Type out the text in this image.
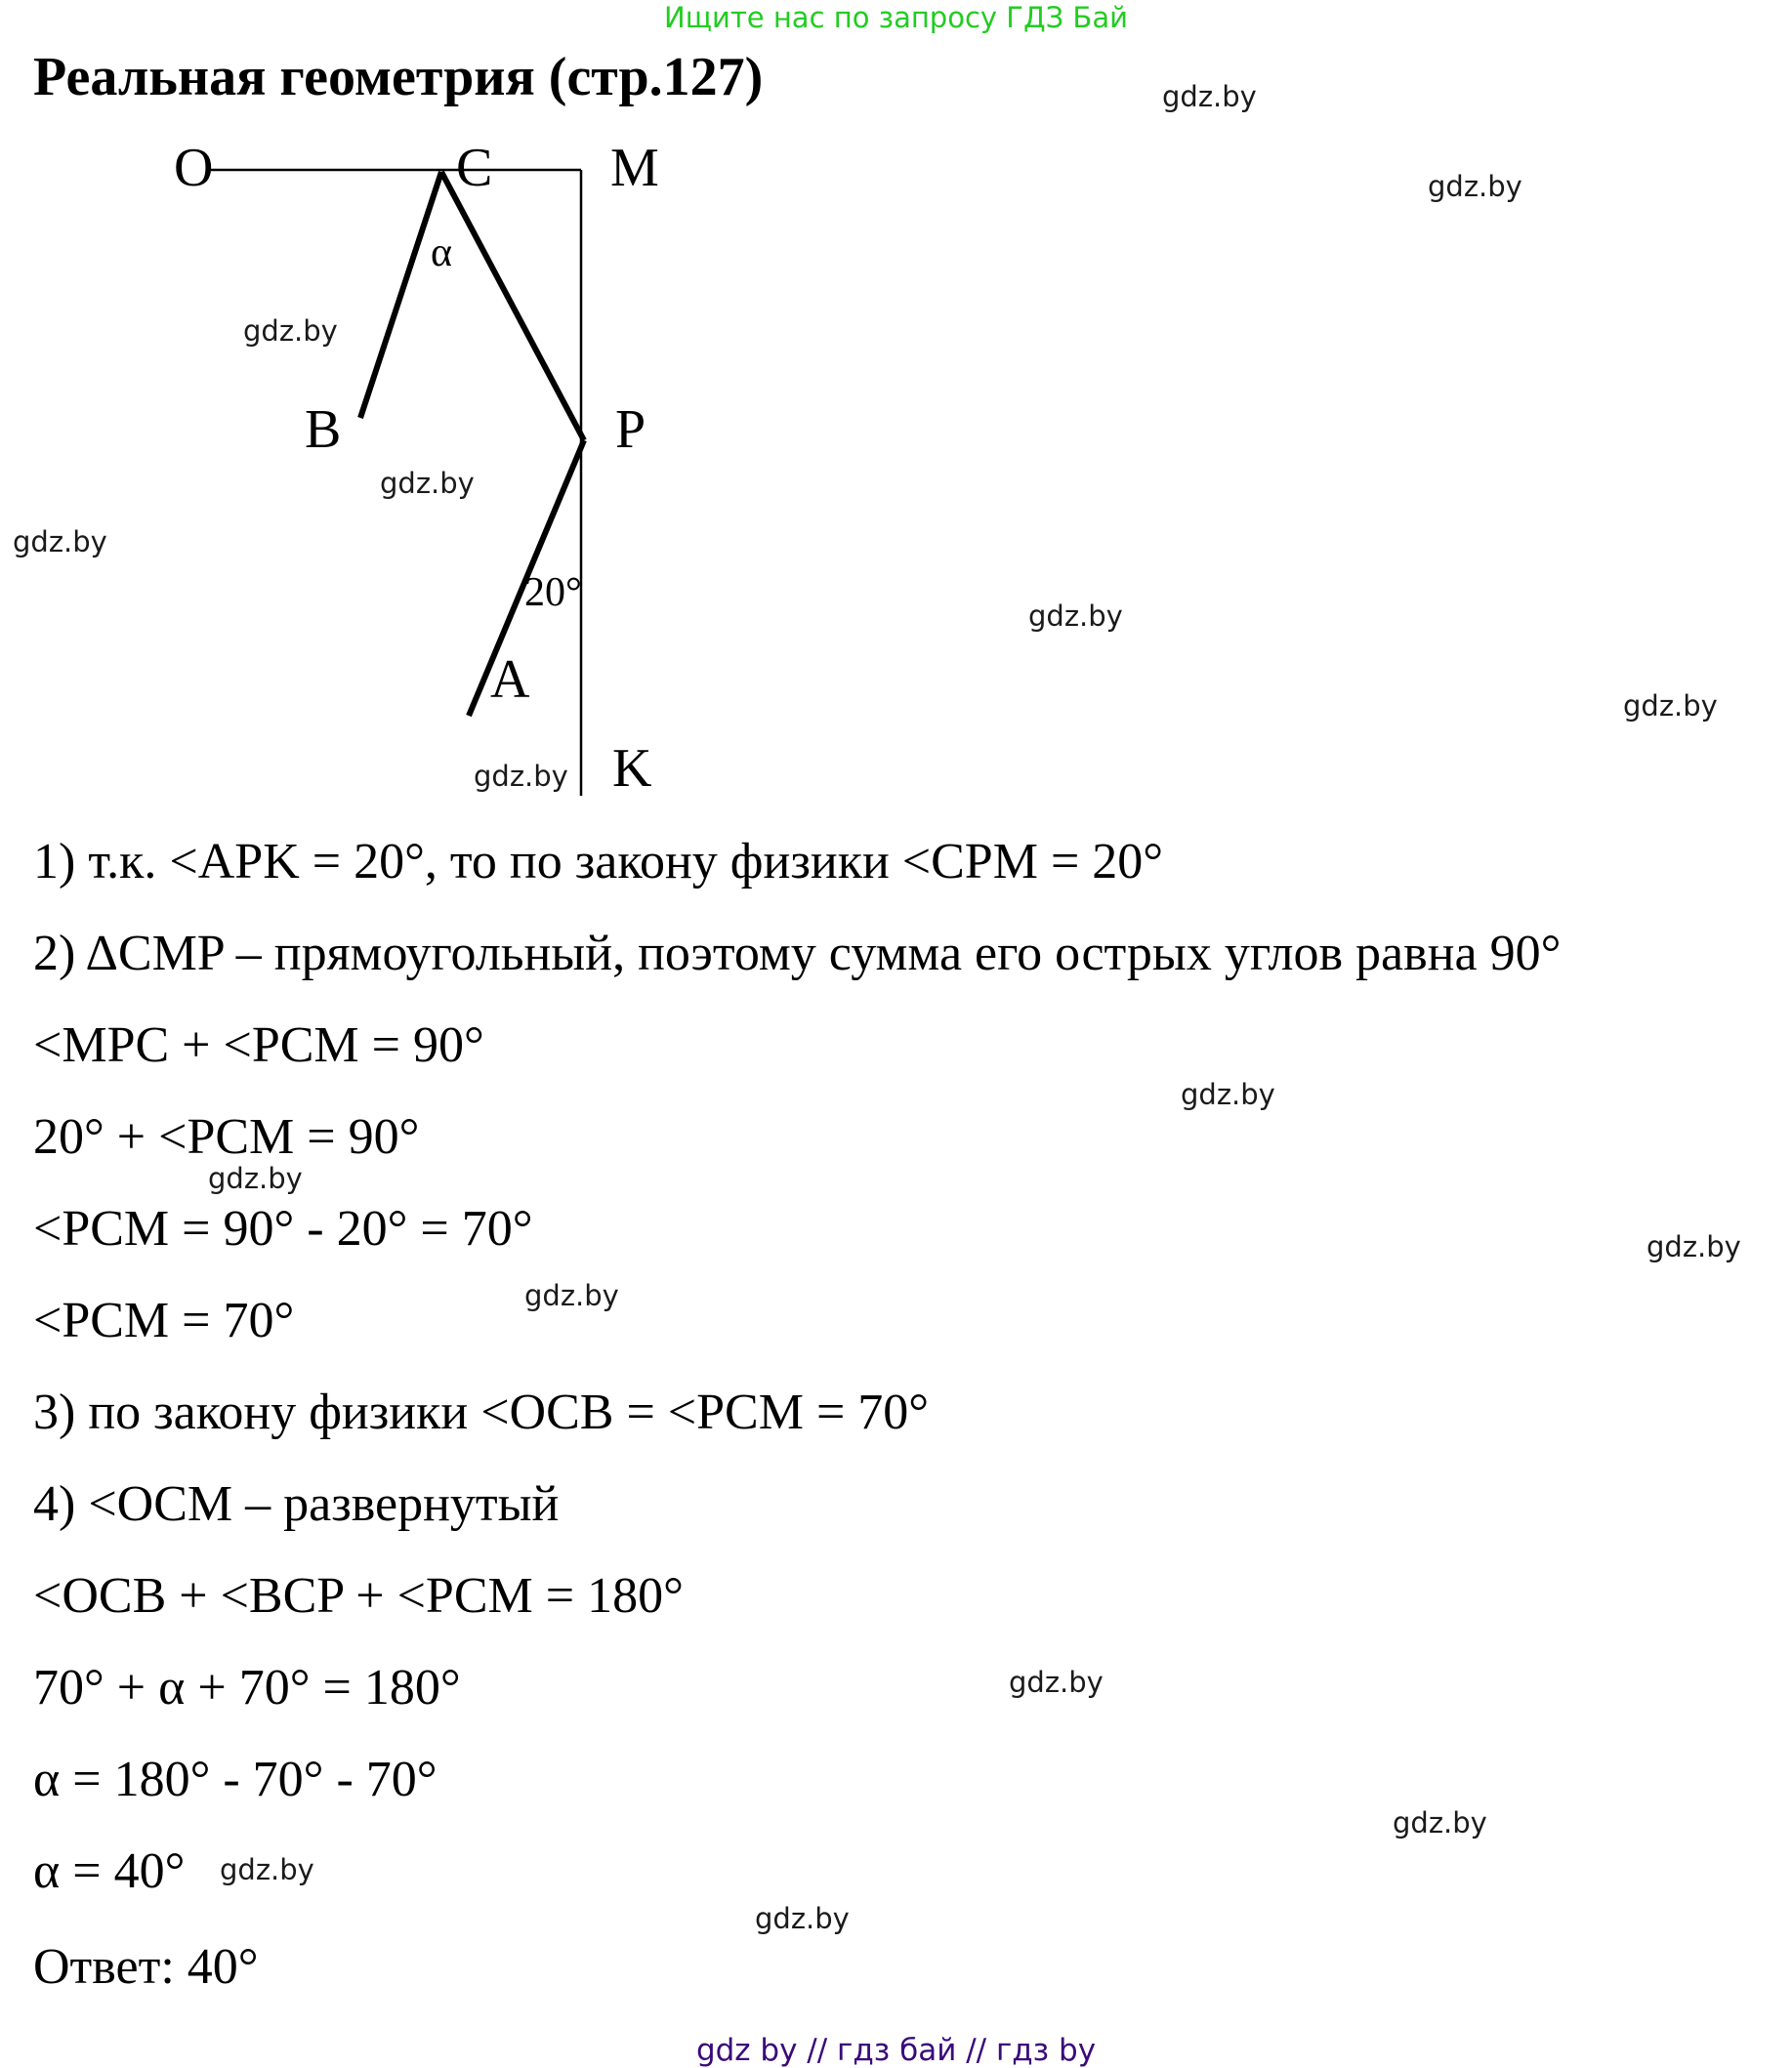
Ищите нас по запросу ГДЗ Бай
Реальная геометрия (стр.127)
O	C M
B	P
A
K
α
20°

1) т.к. <APK = 20°, то по закону физики <CPM = 20°

2) ΔCMP – прямоугольный, поэтому сумма его острых углов равна 90°

<MPC + <PCM = 90°

20° + <PCM = 90°

<PCM = 90° - 20° = 70°

<PCM = 70°

3) по закону физики <OCB = <PCM = 70°

4) <OCM – развернутый

<OCB + <BCP + <PCM = 180°

70° + α + 70° = 180°

α = 180° - 70° - 70°

α = 40°

Ответ: 40°

gdz.by
gdz.by
gdz.by
gdz.by
gdz.by
gdz.by
gdz.by
gdz.by
gdz.by
gdz.by
gdz.by
gdz.by
gdz.by
gdz.by
gdz.by
gdz.by
gdz by // гдз бай // гдз by
